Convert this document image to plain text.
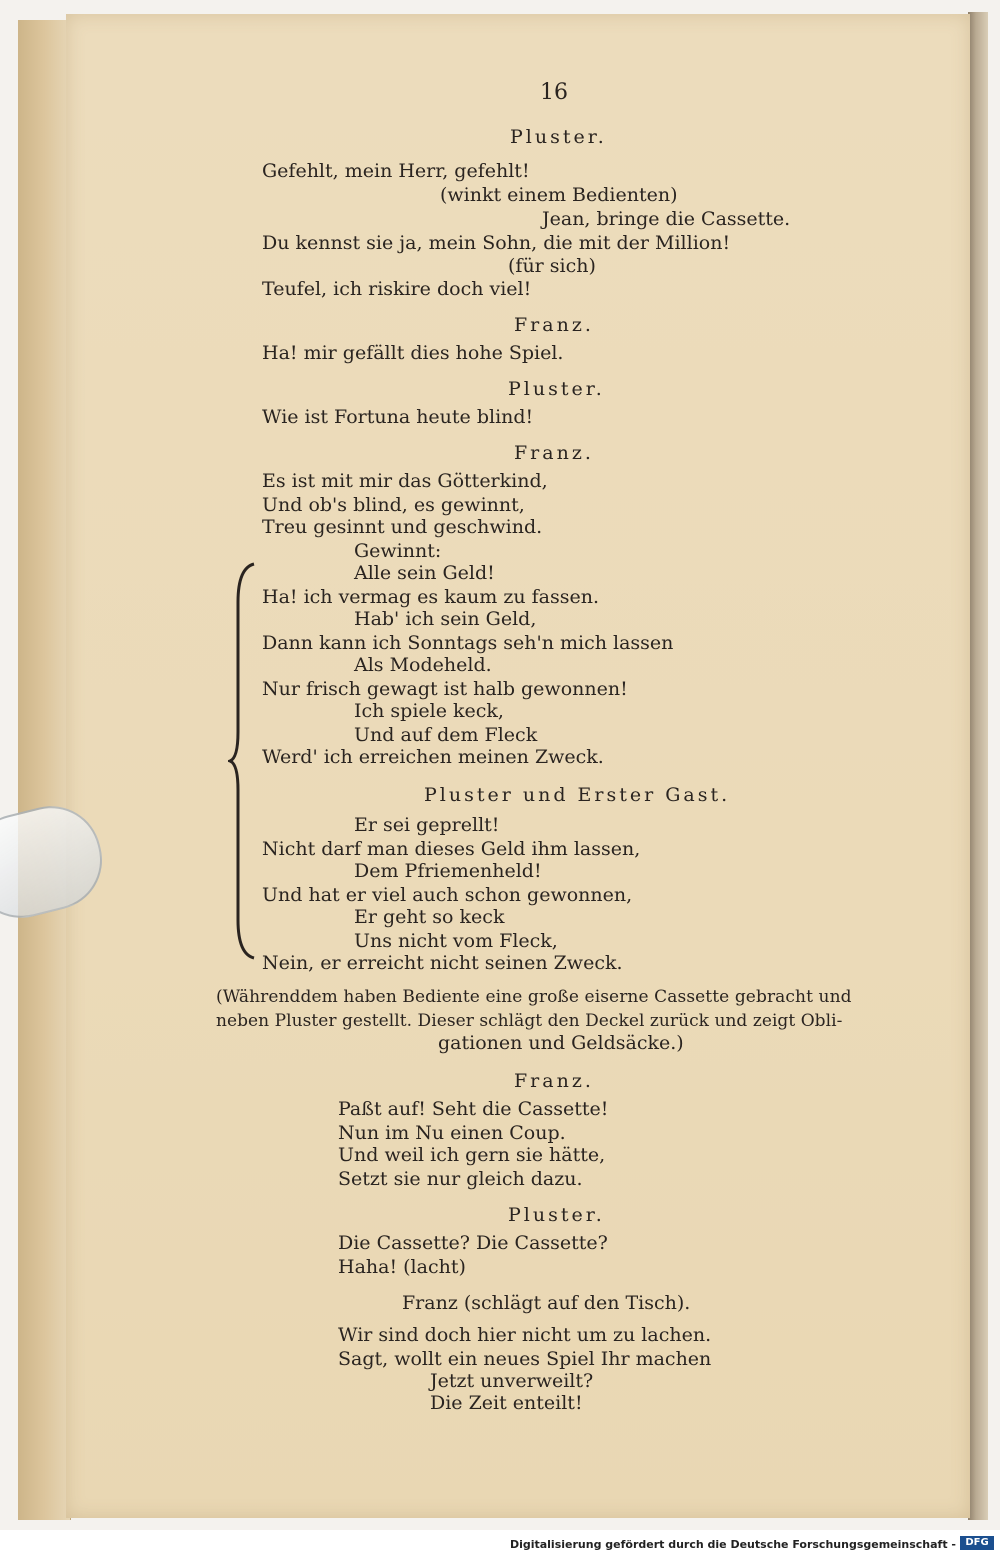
16
Pluster.
Gefehlt, mein Herr, gefehlt!
(winkt einem Bedienten)
Jean, bringe die Cassette.
Du kennst sie ja, mein Sohn, die mit der Million!
(für sich)
Teufel, ich riskire doch viel!
Franz.
Ha! mir gefällt dies hohe Spiel.
Pluster.
Wie ist Fortuna heute blind!
Franz.
Es ist mit mir das Götterkind,
Und ob's blind, es gewinnt,
Treu gesinnt und geschwind.
Gewinnt:
Alle sein Geld!
Ha! ich vermag es kaum zu fassen.
Hab' ich sein Geld,
Dann kann ich Sonntags seh'n mich lassen
Als Modeheld.
Nur frisch gewagt ist halb gewonnen!
Ich spiele keck,
Und auf dem Fleck
Werd' ich erreichen meinen Zweck.
Pluster und Erster Gast.
Er sei geprellt!
Nicht darf man dieses Geld ihm lassen,
Dem Pfriemenheld!
Und hat er viel auch schon gewonnen,
Er geht so keck
Uns nicht vom Fleck,
Nein, er erreicht nicht seinen Zweck.
(Währenddem haben Bediente eine große eiserne Cassette gebracht und
neben Pluster gestellt. Dieser schlägt den Deckel zurück und zeigt Obli-
gationen und Geldsäcke.)
Franz.
Paßt auf! Seht die Cassette!
Nun im Nu einen Coup.
Und weil ich gern sie hätte,
Setzt sie nur gleich dazu.
Pluster.
Die Cassette? Die Cassette?
Haha! (lacht)
Franz (schlägt auf den Tisch).
Wir sind doch hier nicht um zu lachen.
Sagt, wollt ein neues Spiel Ihr machen
Jetzt unverweilt?
Die Zeit enteilt!
Digitalisierung gefördert durch die Deutsche Forschungsgemeinschaft - DFG
